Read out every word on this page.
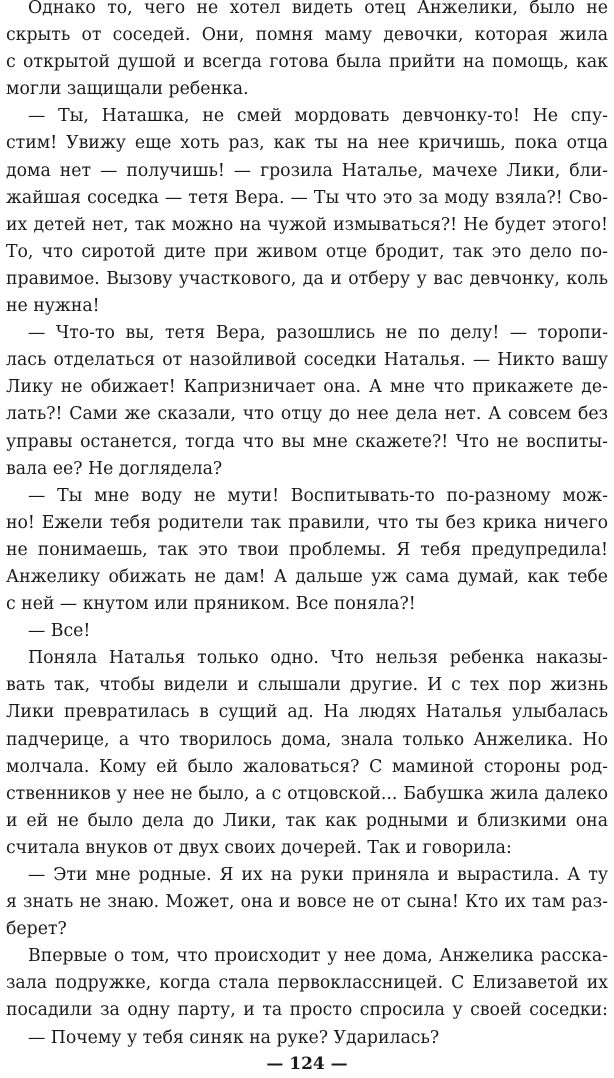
Однако то, чего не хотел видеть отец Анжелики, было не
скрыть от соседей. Они, помня маму девочки, которая жила
с открытой душой и всегда готова была прийти на помощь, как
могли защищали ребенка.
— Ты, Наташка, не смей мордовать девчонку-то! Не спу-
стим! Увижу еще хоть раз, как ты на нее кричишь, пока отца
дома нет — получишь! — грозила Наталье, мачехе Лики, бли-
жайшая соседка — тетя Вера. — Ты что это за моду взяла?! Сво-
их детей нет, так можно на чужой измываться?! Не будет этого!
То, что сиротой дите при живом отце бродит, так это дело по-
правимое. Вызову участкового, да и отберу у вас девчонку, коль
не нужна!
— Что-то вы, тетя Вера, разошлись не по делу! — торопи-
лась отделаться от назойливой соседки Наталья. — Никто вашу
Лику не обижает! Капризничает она. А мне что прикажете де-
лать?! Сами же сказали, что отцу до нее дела нет. А совсем без
управы останется, тогда что вы мне скажете?! Что не воспиты-
вала ее? Не доглядела?
— Ты мне воду не мути! Воспитывать-то по-разному мож-
но! Ежели тебя родители так правили, что ты без крика ничего
не понимаешь, так это твои проблемы. Я тебя предупредила!
Анжелику обижать не дам! А дальше уж сама думай, как тебе
с ней — кнутом или пряником. Все поняла?!
— Все!
Поняла Наталья только одно. Что нельзя ребенка наказы-
вать так, чтобы видели и слышали другие. И с тех пор жизнь
Лики превратилась в сущий ад. На людях Наталья улыбалась
падчерице, а что творилось дома, знала только Анжелика. Но
молчала. Кому ей было жаловаться? С маминой стороны род-
ственников у нее не было, а с отцовской... Бабушка жила далеко
и ей не было дела до Лики, так как родными и близкими она
считала внуков от двух своих дочерей. Так и говорила:
— Эти мне родные. Я их на руки приняла и вырастила. А ту
я знать не знаю. Может, она и вовсе не от сына! Кто их там раз-
берет?
Впервые о том, что происходит у нее дома, Анжелика расска-
зала подружке, когда стала первоклассницей. С Елизаветой их
посадили за одну парту, и та просто спросила у своей соседки:
— Почему у тебя синяк на руке? Ударилась?
— 124 —
